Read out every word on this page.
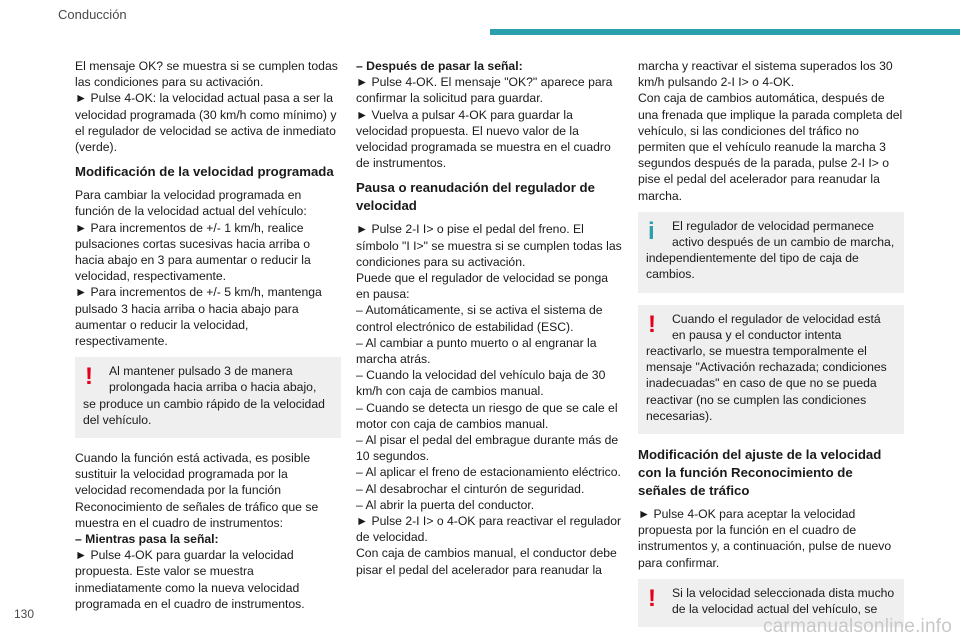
Conducción

El mensaje OK? se muestra si se cumplen todas las condiciones para su activación.

► Pulse 4-OK: la velocidad actual pasa a ser la velocidad programada (30 km/h como mínimo) y el regulador de velocidad se activa de inmediato (verde).

Modificación de la velocidad programada

Para cambiar la velocidad programada en función de la velocidad actual del vehículo:

► Para incrementos de +/- 1 km/h, realice pulsaciones cortas sucesivas hacia arriba o hacia abajo en 3 para aumentar o reducir la velocidad, respectivamente.

► Para incrementos de +/- 5 km/h, mantenga pulsado 3 hacia arriba o hacia abajo para aumentar o reducir la velocidad, respectivamente.

!	Al mantener pulsado 3 de manera prolongada hacia arriba o hacia abajo,
se produce un cambio rápido de la velocidad del vehículo.

Cuando la función está activada, es posible sustituir la velocidad programada por la velocidad recomendada por la función Reconocimiento de señales de tráfico que se muestra en el cuadro de instrumentos:

– Mientras pasa la señal:

► Pulse 4-OK para guardar la velocidad propuesta. Este valor se muestra inmediatamente como la nueva velocidad programada en el cuadro de instrumentos.

– Después de pasar la señal:

► Pulse 4-OK. El mensaje "OK?" aparece para confirmar la solicitud para guardar.

► Vuelva a pulsar 4-OK para guardar la velocidad propuesta. El nuevo valor de la velocidad programada se muestra en el cuadro de instrumentos.

Pausa o reanudación del regulador de velocidad

► Pulse 2-I I> o pise el pedal del freno. El símbolo "I I>" se muestra si se cumplen todas las condiciones para su activación.

Puede que el regulador de velocidad se ponga en pausa:

– Automáticamente, si se activa el sistema de control electrónico de estabilidad (ESC).

– Al cambiar a punto muerto o al engranar la marcha atrás.

– Cuando la velocidad del vehículo baja de 30 km/h con caja de cambios manual.

– Cuando se detecta un riesgo de que se cale el motor con caja de cambios manual.

– Al pisar el pedal del embrague durante más de 10 segundos.

– Al aplicar el freno de estacionamiento eléctrico.

– Al desabrochar el cinturón de seguridad.

– Al abrir la puerta del conductor.

► Pulse 2-I I> o 4-OK para reactivar el regulador de velocidad.

Con caja de cambios manual, el conductor debe pisar el pedal del acelerador para reanudar la

marcha y reactivar el sistema superados los 30 km/h pulsando 2-I I> o 4-OK.

Con caja de cambios automática, después de una frenada que implique la parada completa del vehículo, si las condiciones del tráfico no permiten que el vehículo reanude la marcha 3 segundos después de la parada, pulse 2-I I> o pise el pedal del acelerador para reanudar la marcha.

i	El regulador de velocidad permanece activo después de un cambio de marcha,
independientemente del tipo de caja de cambios.
!	Cuando el regulador de velocidad está en pausa y el conductor intenta
reactivarlo, se muestra temporalmente el mensaje "Activación rechazada; condiciones inadecuadas" en caso de que no se pueda reactivar (no se cumplen las condiciones necesarias).
Modificación del ajuste de la velocidad con la función Reconocimiento de señales de tráfico

► Pulse 4-OK para aceptar la velocidad propuesta por la función en el cuadro de instrumentos y, a continuación, pulse de nuevo para confirmar.

!	Si la velocidad seleccionada dista mucho de la velocidad actual del vehículo, se
130
carmanualsonline.info
